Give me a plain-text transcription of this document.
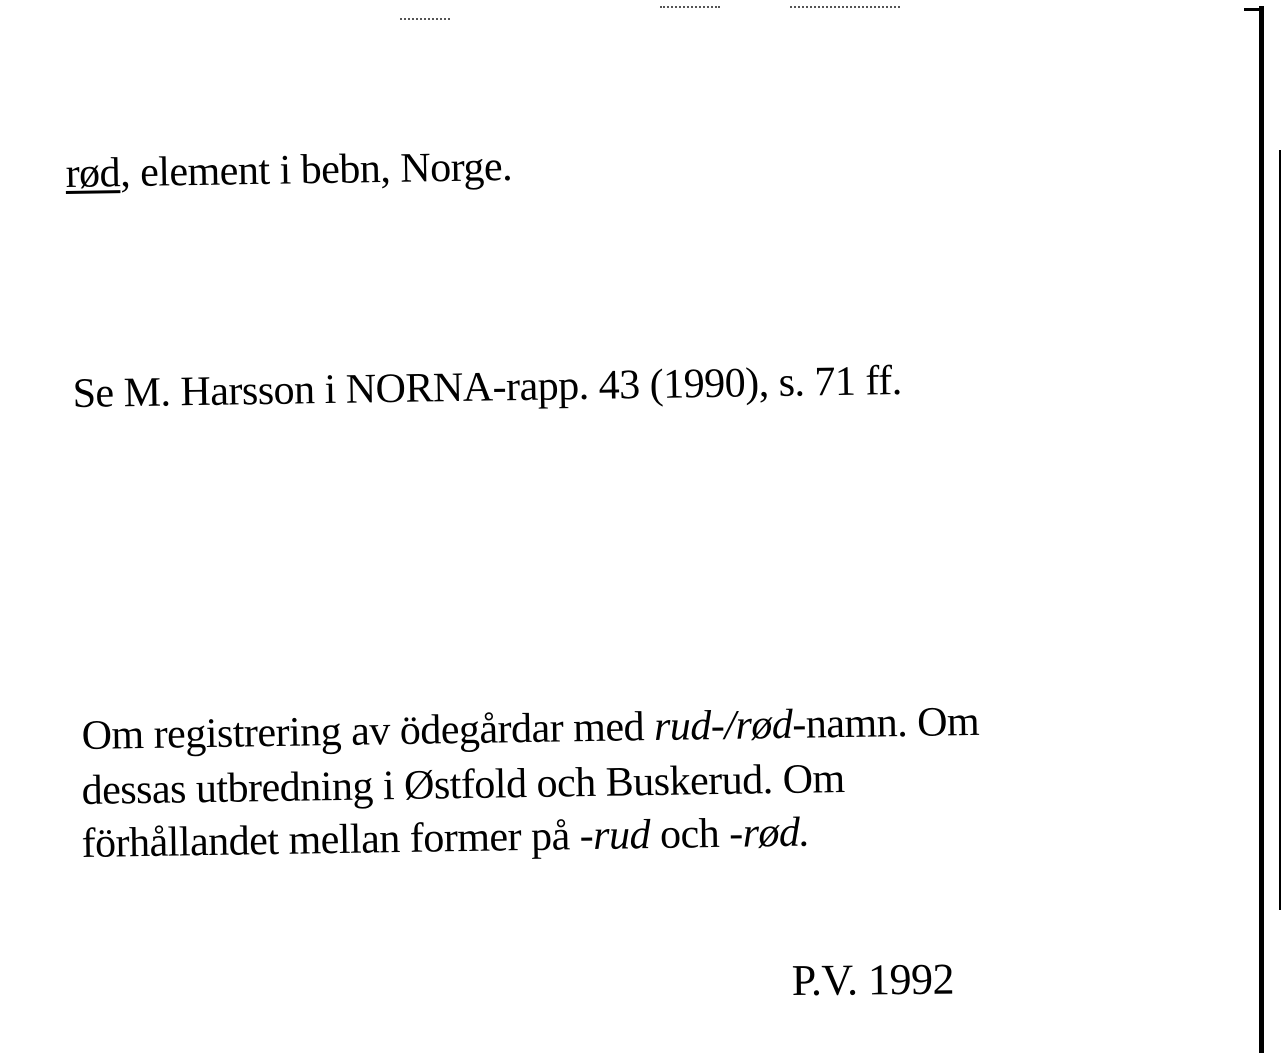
rød, element i bebn, Norge.
Se M. Harsson i NORNA-rapp. 43 (1990), s. 71 ff.
Om registrering av ödegårdar med rud-/rød-namn. Om
dessas utbredning i Østfold och Buskerud. Om
förhållandet mellan former på -rud och -rød.
P.V. 1992
